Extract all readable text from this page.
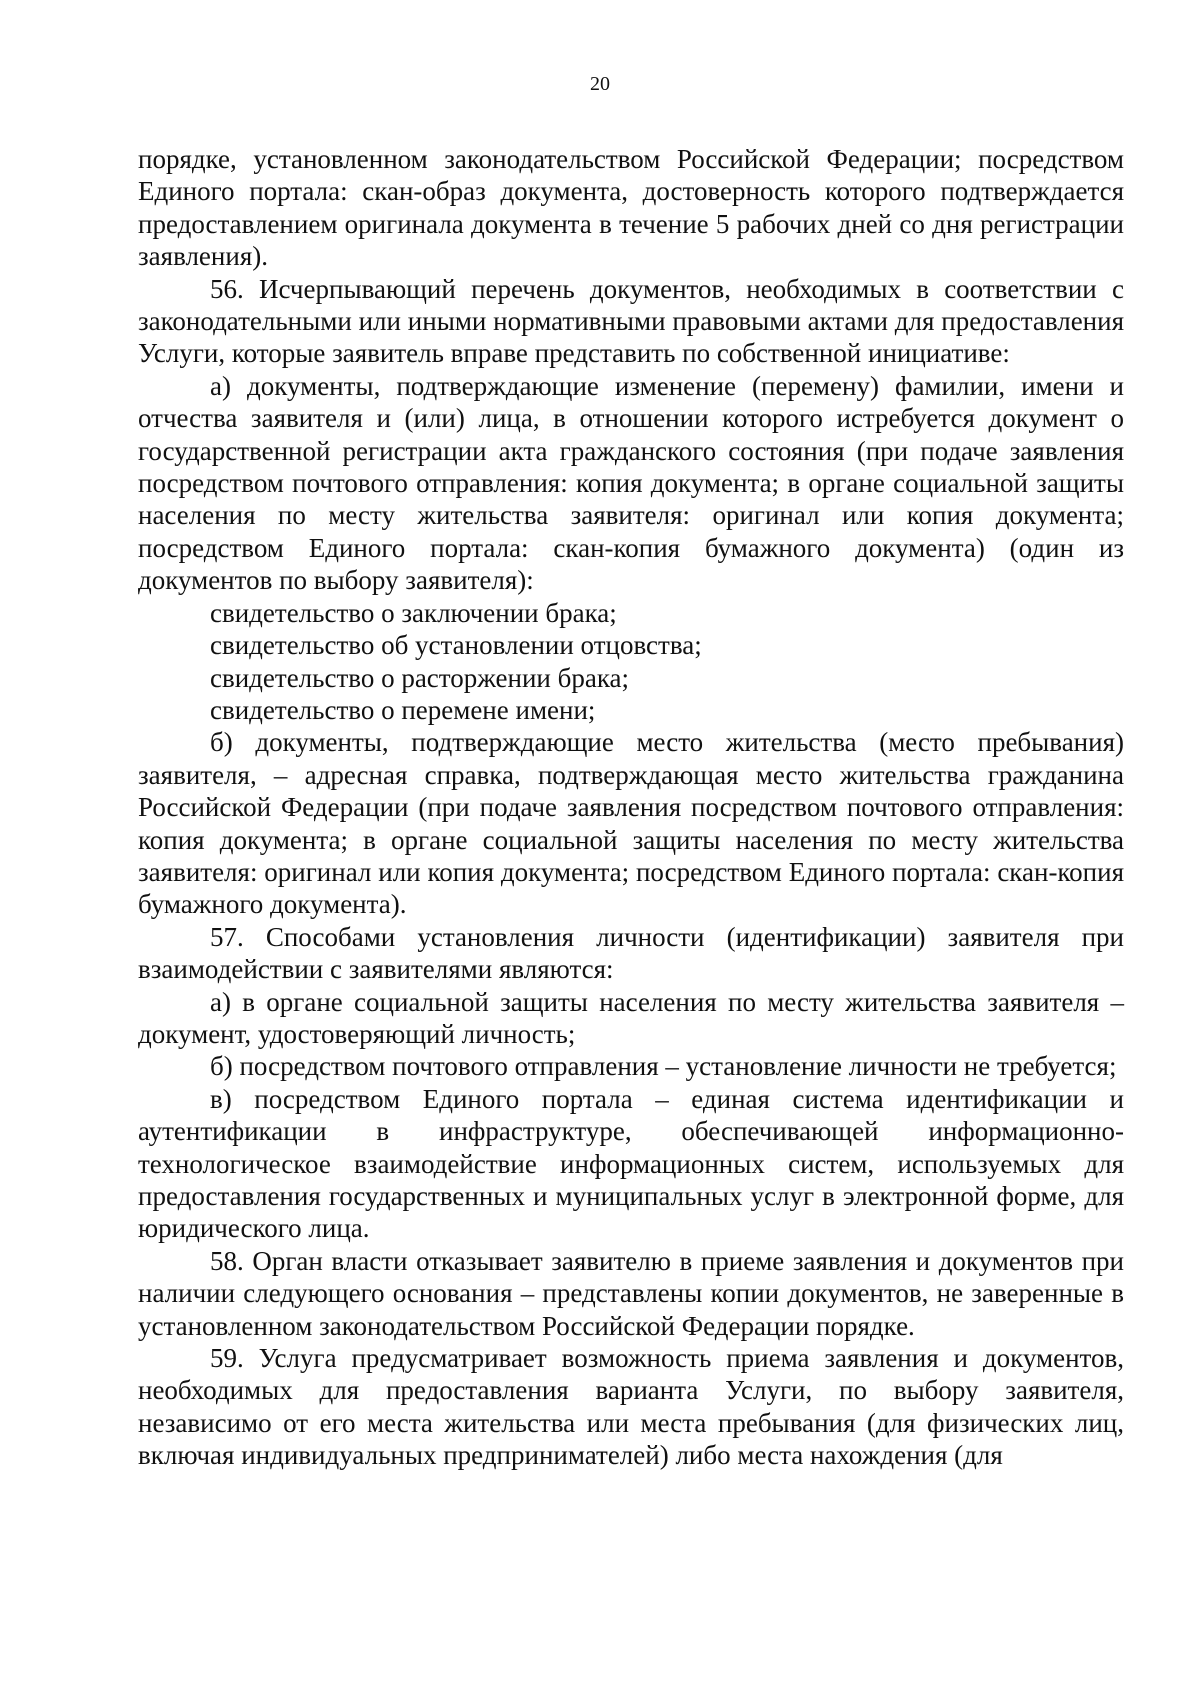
20

порядке, установленном законодательством Российской Федерации; посредством Единого портала: скан-образ документа, достоверность которого подтверждается предоставлением оригинала документа в течение 5 рабочих дней со дня регистрации заявления).

56. Исчерпывающий перечень документов, необходимых в соответствии с законодательными или иными нормативными правовыми актами для предоставления Услуги, которые заявитель вправе представить по собственной инициативе:

а) документы, подтверждающие изменение (перемену) фамилии, имени и отчества заявителя и (или) лица, в отношении которого истребуется документ о государственной регистрации акта гражданского состояния (при подаче заявления посредством почтового отправления: копия документа; в органе социальной защиты населения по месту жительства заявителя: оригинал или копия документа; посредством Единого портала: скан-копия бумажного документа) (один из документов по выбору заявителя):

свидетельство о заключении брака;

свидетельство об установлении отцовства;

свидетельство о расторжении брака;

свидетельство о перемене имени;

б) документы, подтверждающие место жительства (место пребывания) заявителя, – адресная справка, подтверждающая место жительства гражданина Российской Федерации (при подаче заявления посредством почтового отправления: копия документа; в органе социальной защиты населения по месту жительства заявителя: оригинал или копия документа; посредством Единого портала: скан-копия бумажного документа).

57. Способами установления личности (идентификации) заявителя при взаимодействии с заявителями являются:

а) в органе социальной защиты населения по месту жительства заявителя – документ, удостоверяющий личность;

б) посредством почтового отправления – установление личности не требуется;

в) посредством Единого портала – единая система идентификации и аутентификации в инфраструктуре, обеспечивающей информационно-технологическое взаимодействие информационных систем, используемых для предоставления государственных и муниципальных услуг в электронной форме, для юридического лица.

58. Орган власти отказывает заявителю в приеме заявления и документов при наличии следующего основания – представлены копии документов, не заверенные в установленном законодательством Российской Федерации порядке.

59. Услуга предусматривает возможность приема заявления и документов, необходимых для предоставления варианта Услуги, по выбору заявителя, независимо от его места жительства или места пребывания (для физических лиц, включая индивидуальных предпринимателей) либо места нахождения (для
